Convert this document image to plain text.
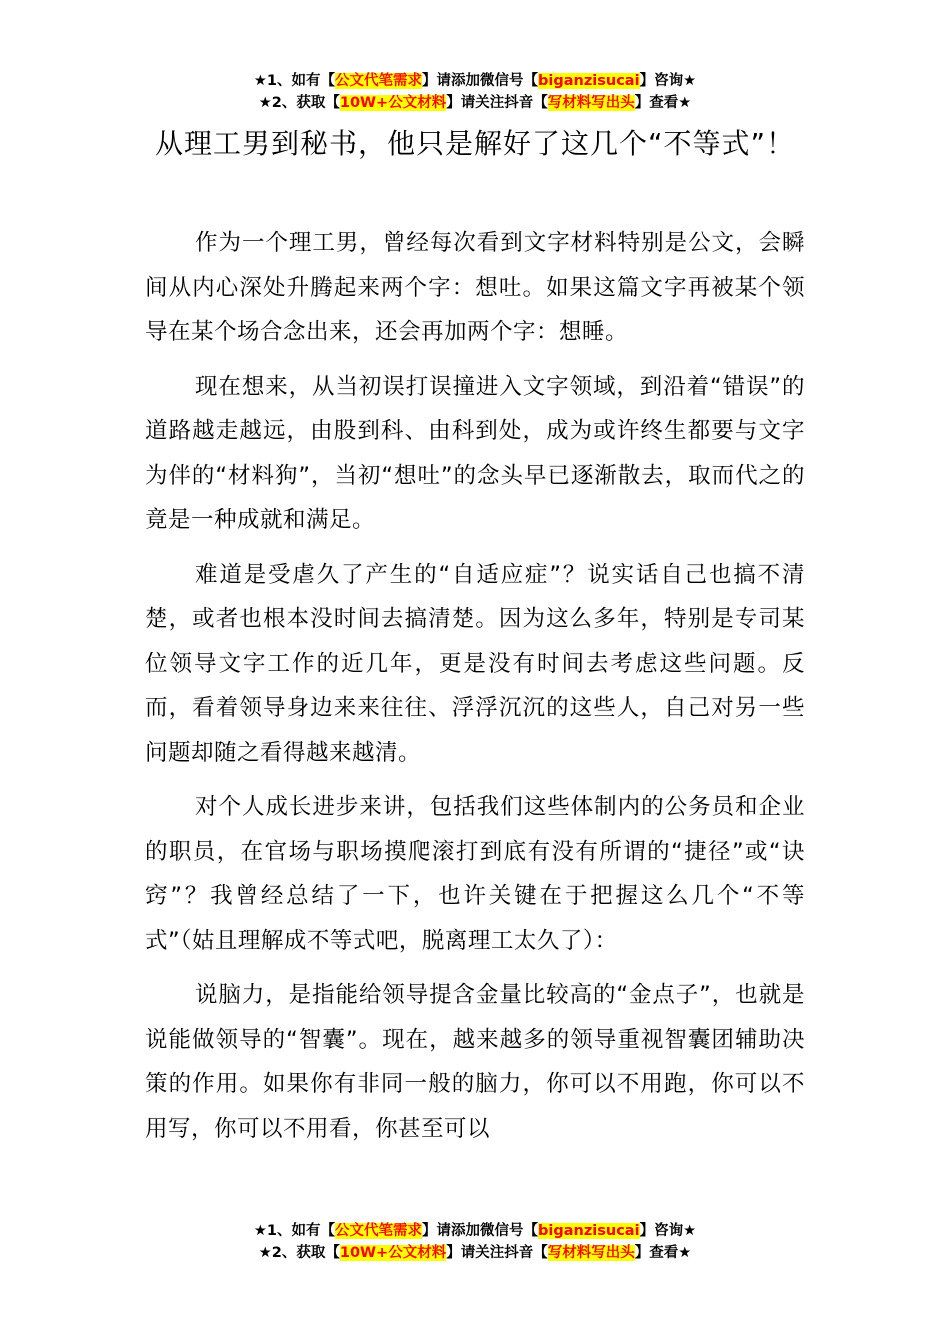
★1、如有【公文代笔需求】请添加微信号【biganzisucai】咨询★
★2、获取【10W+公文材料】请关注抖音【写材料写出头】查看★
从理工男到秘书，他只是解好了这几个“不等式”！

作为一个理工男，曾经每次看到文字材料特别是公文，会瞬间从内心深处升腾起来两个字：想吐。如果这篇文字再被某个领导在某个场合念出来，还会再加两个字：想睡。

现在想来，从当初误打误撞进入文字领域，到沿着“错误”的道路越走越远，由股到科、由科到处，成为或许终生都要与文字为伴的“材料狗”，当初“想吐”的念头早已逐渐散去，取而代之的竟是一种成就和满足。

难道是受虐久了产生的“自适应症”？说实话自己也搞不清楚，或者也根本没时间去搞清楚。因为这么多年，特别是专司某位领导文字工作的近几年，更是没有时间去考虑这些问题。反而，看着领导身边来来往往、浮浮沉沉的这些人，自己对另一些问题却随之看得越来越清。

对个人成长进步来讲，包括我们这些体制内的公务员和企业的职员，在官场与职场摸爬滚打到底有没有所谓的“捷径”或“诀窍”？我曾经总结了一下，也许关键在于把握这么几个“不等式”（姑且理解成不等式吧，脱离理工太久了）：

说脑力，是指能给领导提含金量比较高的“金点子”，也就是说能做领导的“智囊”。现在，越来越多的领导重视智囊团辅助决策的作用。如果你有非同一般的脑力，你可以不用跑，你可以不用写，你可以不用看，你甚至可以

★1、如有【公文代笔需求】请添加微信号【biganzisucai】咨询★
★2、获取【10W+公文材料】请关注抖音【写材料写出头】查看★
